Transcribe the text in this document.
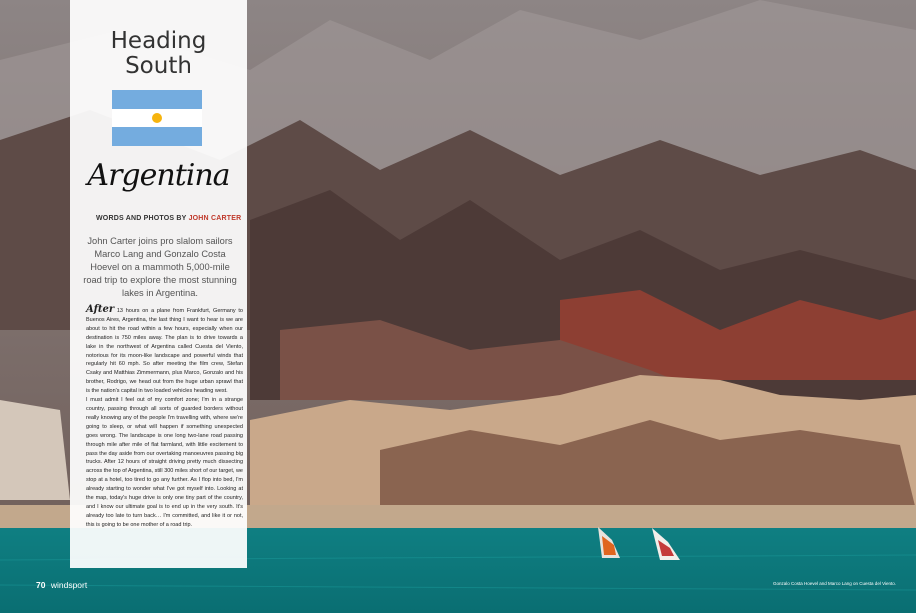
Heading
South
Argentina
WORDS AND PHOTOS BY JOHN CARTER
John Carter joins pro slalom sailors Marco Lang and Gonzalo Costa Hoevel on a mammoth 5,000-mile road trip to explore the most stunning lakes in Argentina.

After 13 hours on a plane from Frankfurt, Germany to Buenos Aires, Argentina, the last thing I want to hear is we are about to hit the road within a few hours, especially when our destination is 750 miles away. The plan is to drive towards a lake in the northwest of Argentina called Cuesta del Viento, notorious for its moon-like landscape and powerful winds that regularly hit 60 mph. So after meeting the film crew, Stefan Csaky and Matthias Zimmermann, plus Marco, Gonzalo and his brother, Rodrigo, we head out from the huge urban sprawl that is the nation's capital in two loaded vehicles heading west.

I must admit I feel out of my comfort zone; I'm in a strange country, passing through all sorts of guarded borders without really knowing any of the people I'm travelling with, where we're going to sleep, or what will happen if something unexpected goes wrong. The landscape is one long two-lane road passing through mile after mile of flat farmland, with little excitement to pass the day aside from our overtaking manoeuvres passing big trucks. After 12 hours of straight driving pretty much dissecting across the top of Argentina, still 300 miles short of our target, we stop at a hotel, too tired to go any further. As I flop into bed, I'm already starting to wonder what I've got myself into. Looking at the map, today's huge drive is only one tiny part of the country, and I know our ultimate goal is to end up in the very south. It's already too late to turn back… I'm committed, and like it or not, this is going to be one mother of a road trip.

70 windsport	Gonzalo Costa Hoevel and Marco Lang on Cuesta del Viento.
